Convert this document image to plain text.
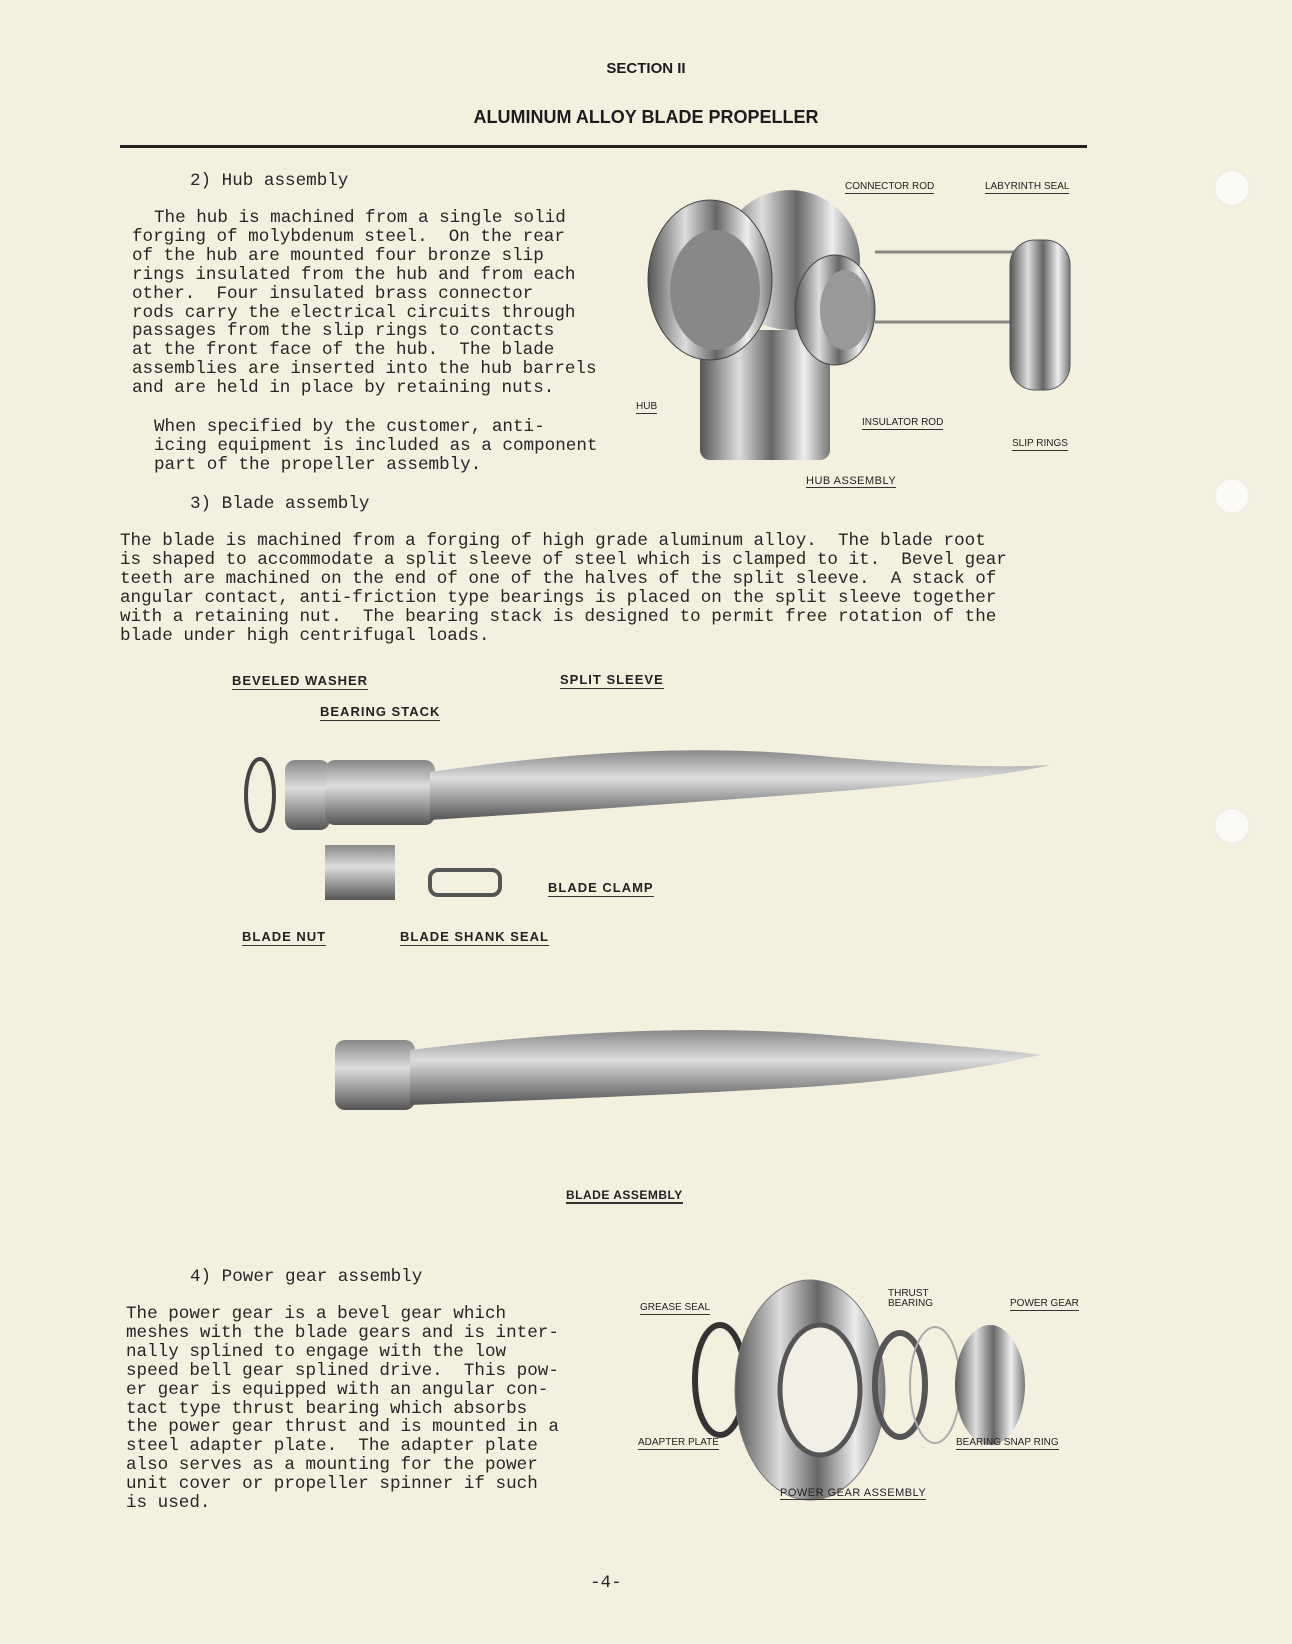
SECTION II
ALUMINUM ALLOY BLADE PROPELLER
2) Hub assembly
The hub is machined from a single solid
forging of molybdenum steel.  On the rear
of the hub are mounted four bronze slip
rings insulated from the hub and from each
other.  Four insulated brass connector
rods carry the electrical circuits through
passages from the slip rings to contacts
at the front face of the hub.  The blade
assemblies are inserted into the hub barrels
and are held in place by retaining nuts.
When specified by the customer, anti-
icing equipment is included as a component
part of the propeller assembly.
CONNECTOR ROD	LABYRINTH SEAL
HUB
INSULATOR ROD
SLIP RINGS
HUB ASSEMBLY
3) Blade assembly
The blade is machined from a forging of high grade aluminum alloy.  The blade root
is shaped to accommodate a split sleeve of steel which is clamped to it.  Bevel gear
teeth are machined on the end of one of the halves of the split sleeve.  A stack of
angular contact, anti-friction type bearings is placed on the split sleeve together
with a retaining nut.  The bearing stack is designed to permit free rotation of the
blade under high centrifugal loads.
BEVELED WASHER
BEARING STACK
SPLIT SLEEVE
BLADE CLAMP
BLADE NUT	BLADE SHANK SEAL
BLADE ASSEMBLY
4) Power gear assembly
The power gear is a bevel gear which
meshes with the blade gears and is inter-
nally splined to engage with the low
speed bell gear splined drive.  This pow-
er gear is equipped with an angular con-
tact type thrust bearing which absorbs
the power gear thrust and is mounted in a
steel adapter plate.  The adapter plate
also serves as a mounting for the power
unit cover or propeller spinner if such
is used.
GREASE SEAL
THRUST
BEARING	POWER GEAR
ADAPTER PLATE	BEARING SNAP RING
POWER GEAR ASSEMBLY
-4-
